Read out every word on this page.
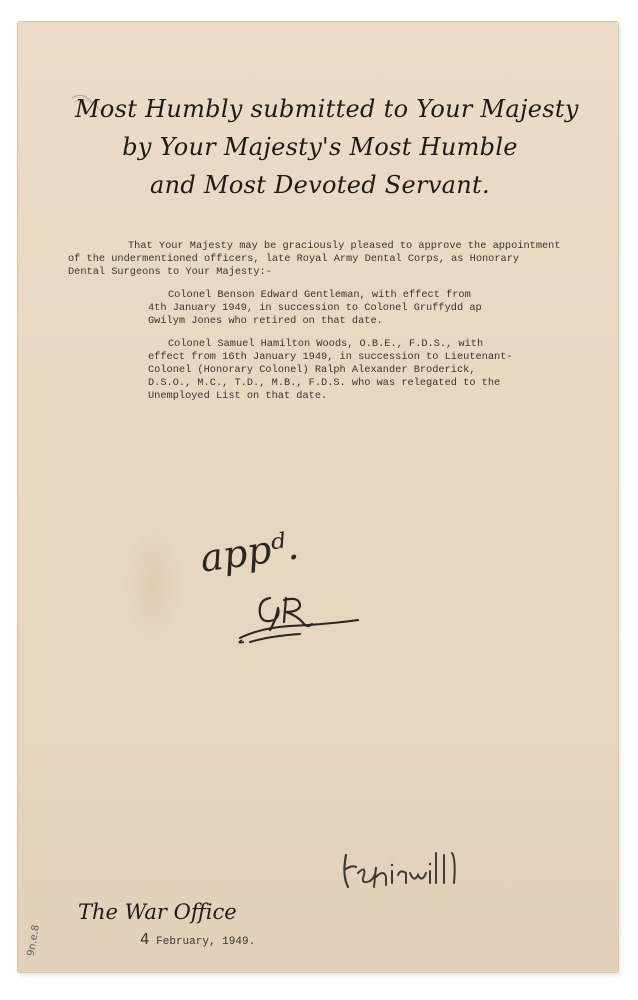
Most Humbly submitted to Your Majesty
by Your Majesty's Most Humble
and Most Devoted Servant.
That Your Majesty may be graciously pleased to approve the appointment
of the undermentioned officers, late Royal Army Dental Corps, as Honorary
Dental Surgeons to Your Majesty:-
Colonel Benson Edward Gentleman, with effect from
4th January 1949, in succession to Colonel Gruffydd ap
Gwilym Jones who retired on that date.
Colonel Samuel Hamilton Woods, O.B.E., F.D.S., with
effect from 16th January 1949, in succession to Lieutenant-
Colonel (Honorary Colonel) Ralph Alexander Broderick,
D.S.O., M.C., T.D., M.B., F.D.S. who was relegated to the
Unemployed List on that date.
appᵈ.
The War Office
4 February, 1949.
9n.e.8
